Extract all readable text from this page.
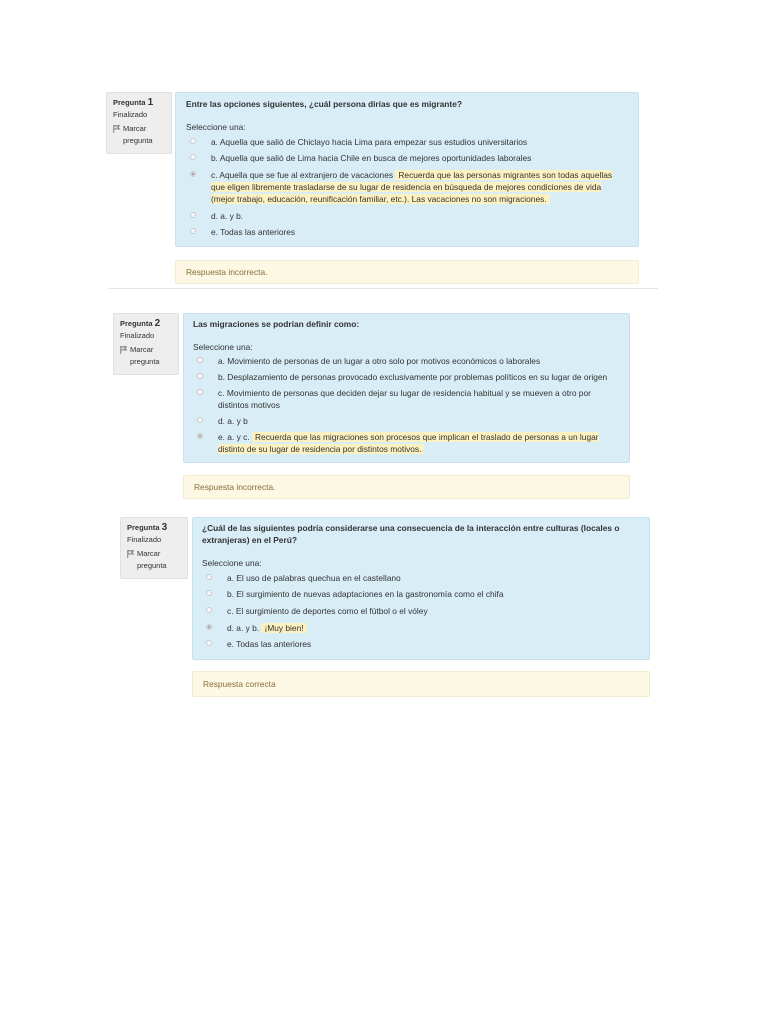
Pregunta 1
Finalizado
Marcar pregunta
Entre las opciones siguientes, ¿cuál persona dirías que es migrante?
Seleccione una:
a. Aquella que salió de Chiclayo hacia Lima para empezar sus estudios universitarios
b. Aquella que salió de Lima hacia Chile en busca de mejores oportunidades laborales
c. Aquella que se fue al extranjero de vacaciones Recuerda que las personas migrantes son todas aquellas que eligen libremente trasladarse de su lugar de residencia en búsqueda de mejores condiciones de vida (mejor trabajo, educación, reunificación familiar, etc.). Las vacaciones no son migraciones.
d. a. y b.
e. Todas las anteriores
Respuesta incorrecta.
Pregunta 2
Finalizado
Marcar pregunta
Las migraciones se podrían definir como:
Seleccione una:
a. Movimiento de personas de un lugar a otro solo por motivos económicos o laborales
b. Desplazamiento de personas provocado exclusivamente por problemas políticos en su lugar de origen
c. Movimiento de personas que deciden dejar su lugar de residencia habitual y se mueven a otro por distintos motivos
d. a. y b
e. a. y c. Recuerda que las migraciones son procesos que implican el traslado de personas a un lugar distinto de su lugar de residencia por distintos motivos.
Respuesta incorrecta.
Pregunta 3
Finalizado
Marcar pregunta
¿Cuál de las siguientes podría considerarse una consecuencia de la interacción entre culturas (locales o extranjeras) en el Perú?
Seleccione una:
a. El uso de palabras quechua en el castellano
b. El surgimiento de nuevas adaptaciones en la gastronomía como el chifa
c. El surgimiento de deportes como el fútbol o el vóley
d. a. y b. ¡Muy bien!
e. Todas las anteriores
Respuesta correcta
